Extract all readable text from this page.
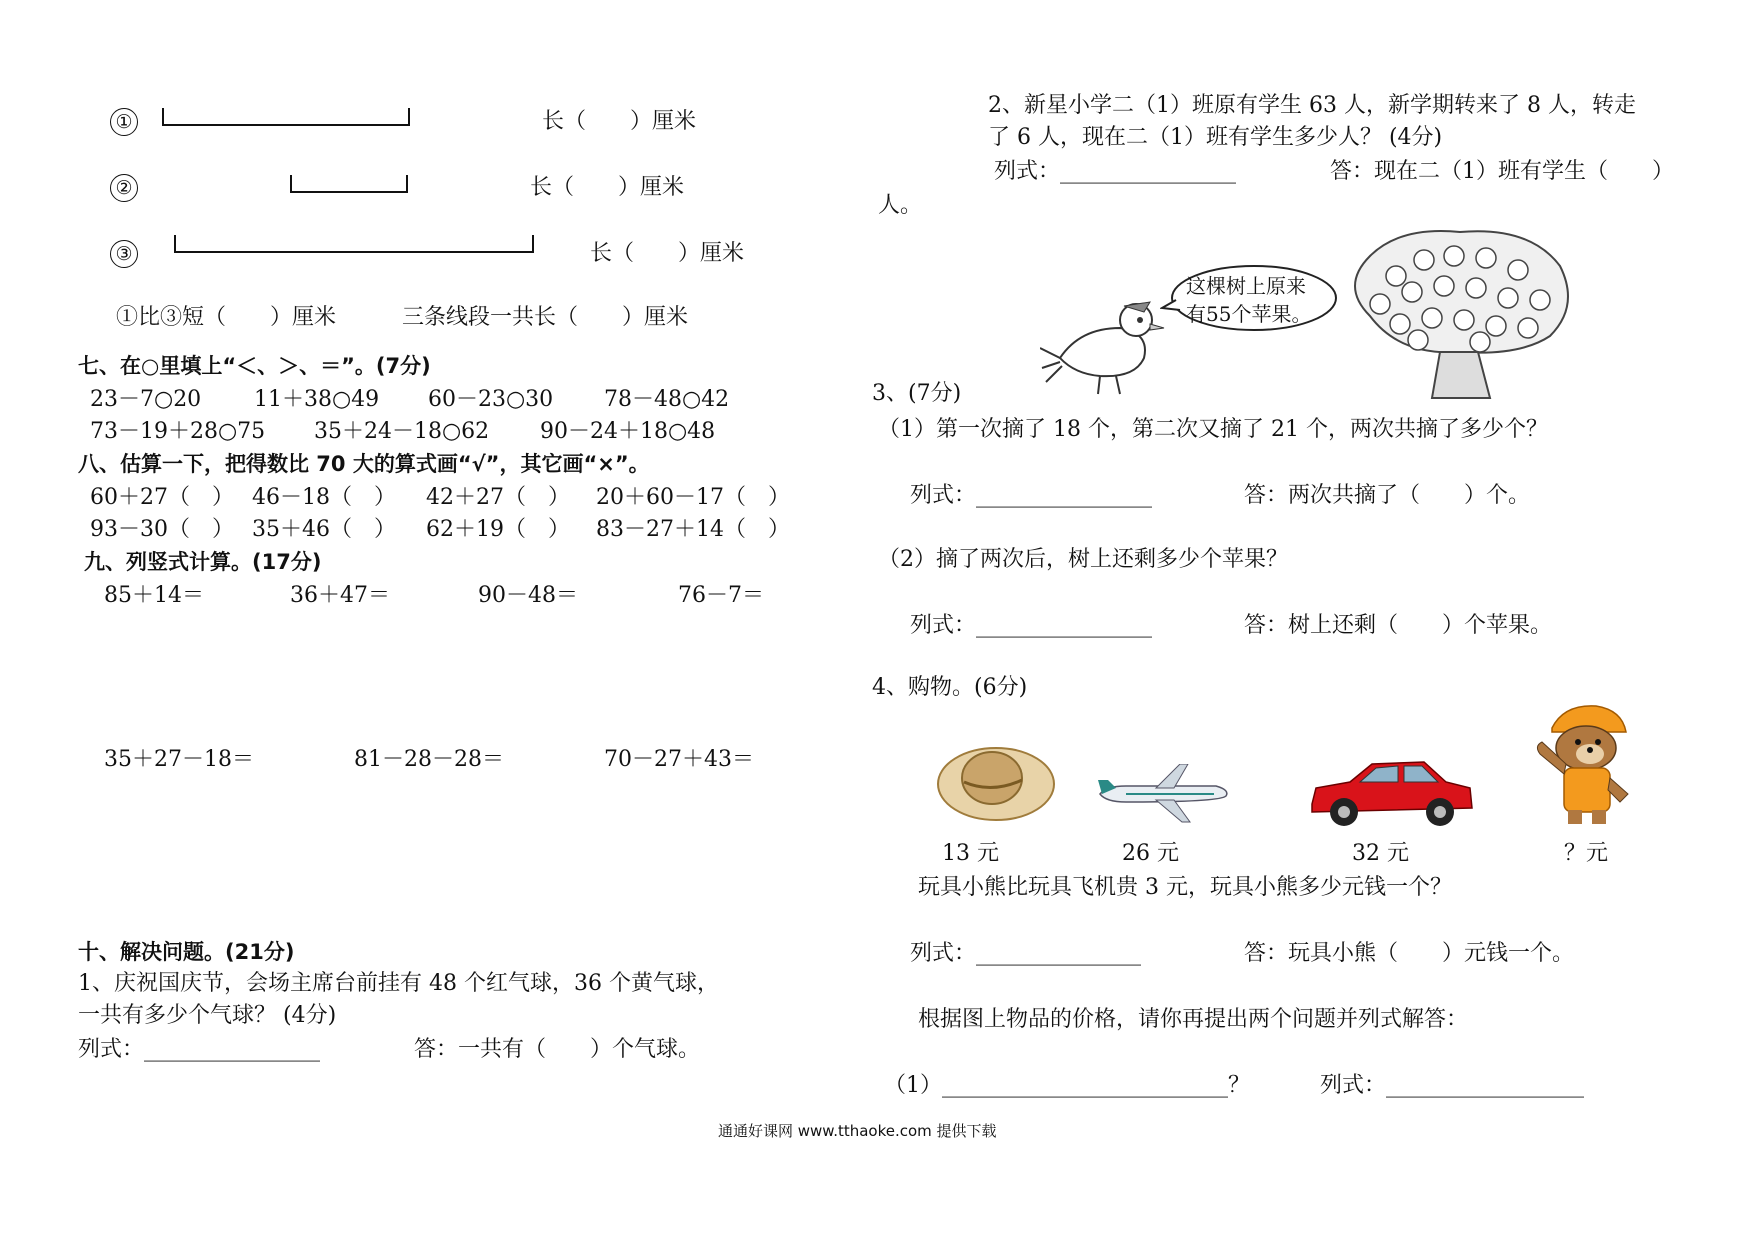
①	长（　　）厘米
②	长（　　）厘米
③	长（　　）厘米
①比③短（　　）厘米　　　三条线段一共长（　　）厘米
七、在○里填上“＜、＞、＝”。(7分)
23－7○20 11＋38○49 60－23○30 78－48○42
73－19＋28○75 35＋24－18○62 90－24＋18○48
八、估算一下，把得数比 70 大的算式画“√”，其它画“×”。
60＋27（　） 46－18（　） 42＋27（　） 20＋60－17（　）
93－30（　） 35＋46（　） 62＋19（　） 83－27＋14（　）
九、列竖式计算。(17分)
85＋14＝	36＋47＝	90－48＝	76－7＝
35＋27－18＝	81－28－28＝	70－27＋43＝
十、解决问题。(21分)
1、庆祝国庆节，会场主席台前挂有 48 个红气球，36 个黄气球，
一共有多少个气球？ (4分)
列式：________________	答：一共有（　　）个气球。
2、新星小学二（1）班原有学生 63 人，新学期转来了 8 人，转走
了 6 人，现在二（1）班有学生多少人？ (4分)
列式：________________	答：现在二（1）班有学生（　　）
人。
这棵树上原来
有55个苹果。
3、(7分)
（1）第一次摘了 18 个，第二次又摘了 21 个，两次共摘了多少个？
列式：________________	答：两次共摘了（　　）个。
（2）摘了两次后，树上还剩多少个苹果？
列式：________________	答：树上还剩（　　）个苹果。
4、购物。(6分)
13 元	26 元	32 元	？元
玩具小熊比玩具飞机贵 3 元，玩具小熊多少元钱一个？
列式：_______________	答：玩具小熊（　　）元钱一个。
根据图上物品的价格，请你再提出两个问题并列式解答：
（1）__________________________？	列式：__________________
通通好课网 www.tthaoke.com 提供下载
